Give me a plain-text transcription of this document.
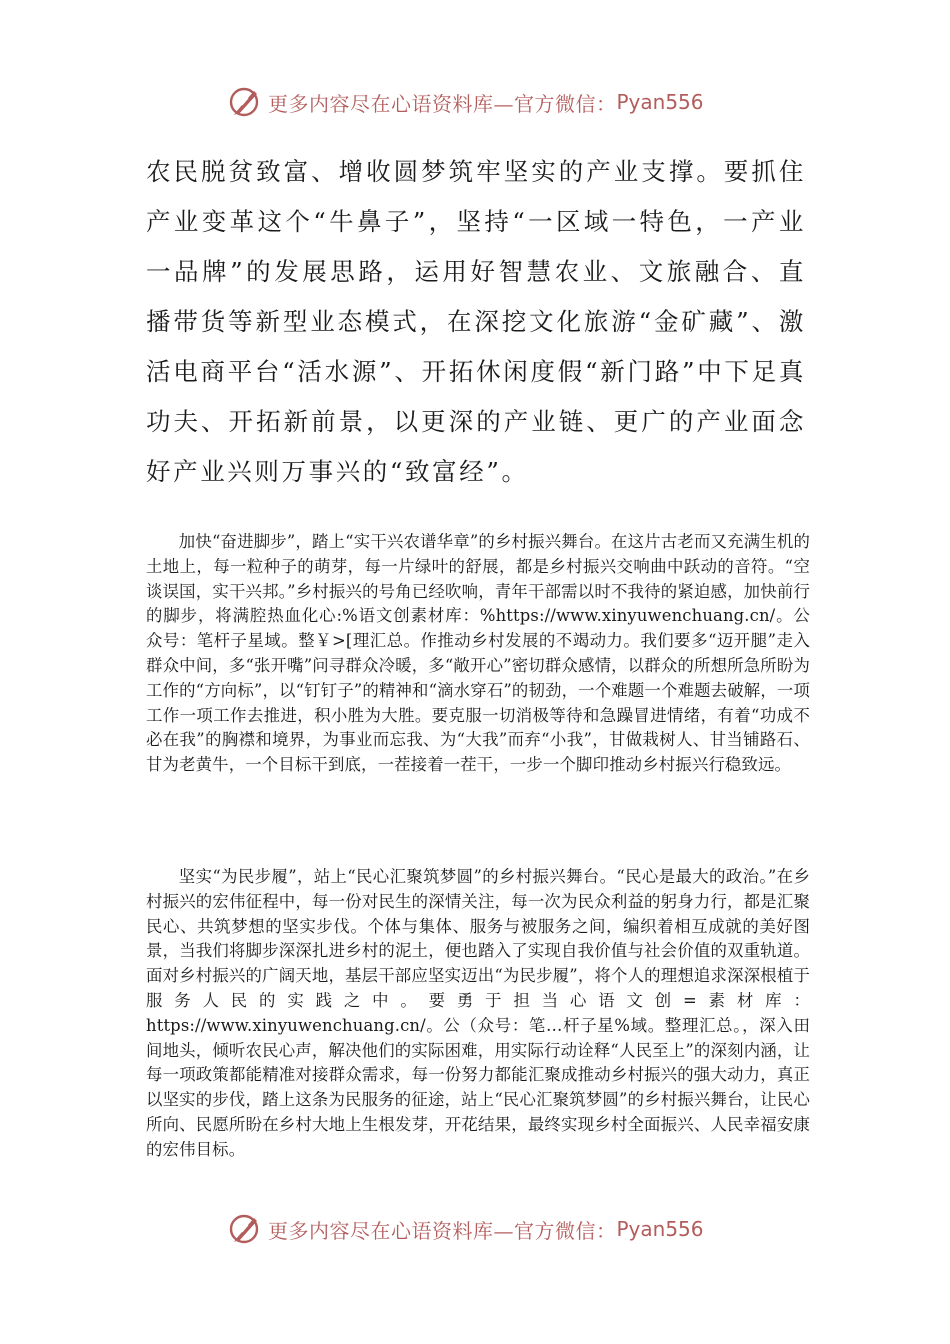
更多内容尽在心语资料库—官方微信： Pyan556

农民脱贫致富、增收圆梦筑牢坚实的产业支撑。要抓住产业变革这个“牛鼻子”，坚持“一区域一特色，一产业一品牌”的发展思路，运用好智慧农业、文旅融合、直播带货等新型业态模式，在深挖文化旅游“金矿藏”、激活电商平台“活水源”、开拓休闲度假“新门路”中下足真功夫、开拓新前景，以更深的产业链、更广的产业面念好产业兴则万事兴的“致富经”。

加快“奋进脚步”，踏上“实干兴农谱华章”的乡村振兴舞台。在这片古老而又充满生机的土地上，每一粒种子的萌芽，每一片绿叶的舒展，都是乡村振兴交响曲中跃动的音符。“空谈误国，实干兴邦。”乡村振兴的号角已经吹响，青年干部需以时不我待的紧迫感，加快前行的脚步，将满腔热血化心:%语文创素材库：%https://www.xinyuwenchuang.cn/。公众号：笔杆子星域。整￥>[理汇总。作推动乡村发展的不竭动力。我们要多“迈开腿”走入群众中间，多“张开嘴”问寻群众冷暖，多“敞开心”密切群众感情，以群众的所想所急所盼为工作的“方向标”，以“钉钉子”的精神和“滴水穿石”的韧劲，一个难题一个难题去破解，一项工作一项工作去推进，积小胜为大胜。要克服一切消极等待和急躁冒进情绪，有着“功成不必在我”的胸襟和境界，为事业而忘我、为“大我”而弃“小我”，甘做栽树人、甘当铺路石、甘为老黄牛，一个目标干到底，一茬接着一茬干，一步一个脚印推动乡村振兴行稳致远。

坚实“为民步履”，站上“民心汇聚筑梦圆”的乡村振兴舞台。“民心是最大的政治。”在乡村振兴的宏伟征程中，每一份对民生的深情关注，每一次为民众利益的躬身力行，都是汇聚民心、共筑梦想的坚实步伐。个体与集体、服务与被服务之间，编织着相互成就的美好图景，当我们将脚步深深扎进乡村的泥土，便也踏入了实现自我价值与社会价值的双重轨道。面对乡村振兴的广阔天地，基层干部应坚实迈出“为民步履”，将个人的理想追求深深根植于服务人民的实践之中。要勇于担当心语文创=素材库：https://www.xinyuwenchuang.cn/。公（众号：笔…杆子星%域。整理汇总。，深入田间地头，倾听农民心声，解决他们的实际困难，用实际行动诠释“人民至上”的深刻内涵，让每一项政策都能精准对接群众需求，每一份努力都能汇聚成推动乡村振兴的强大动力，真正以坚实的步伐，踏上这条为民服务的征途，站上“民心汇聚筑梦圆”的乡村振兴舞台，让民心所向、民愿所盼在乡村大地上生根发芽，开花结果，最终实现乡村全面振兴、人民幸福安康的宏伟目标。

更多内容尽在心语资料库—官方微信： Pyan556
